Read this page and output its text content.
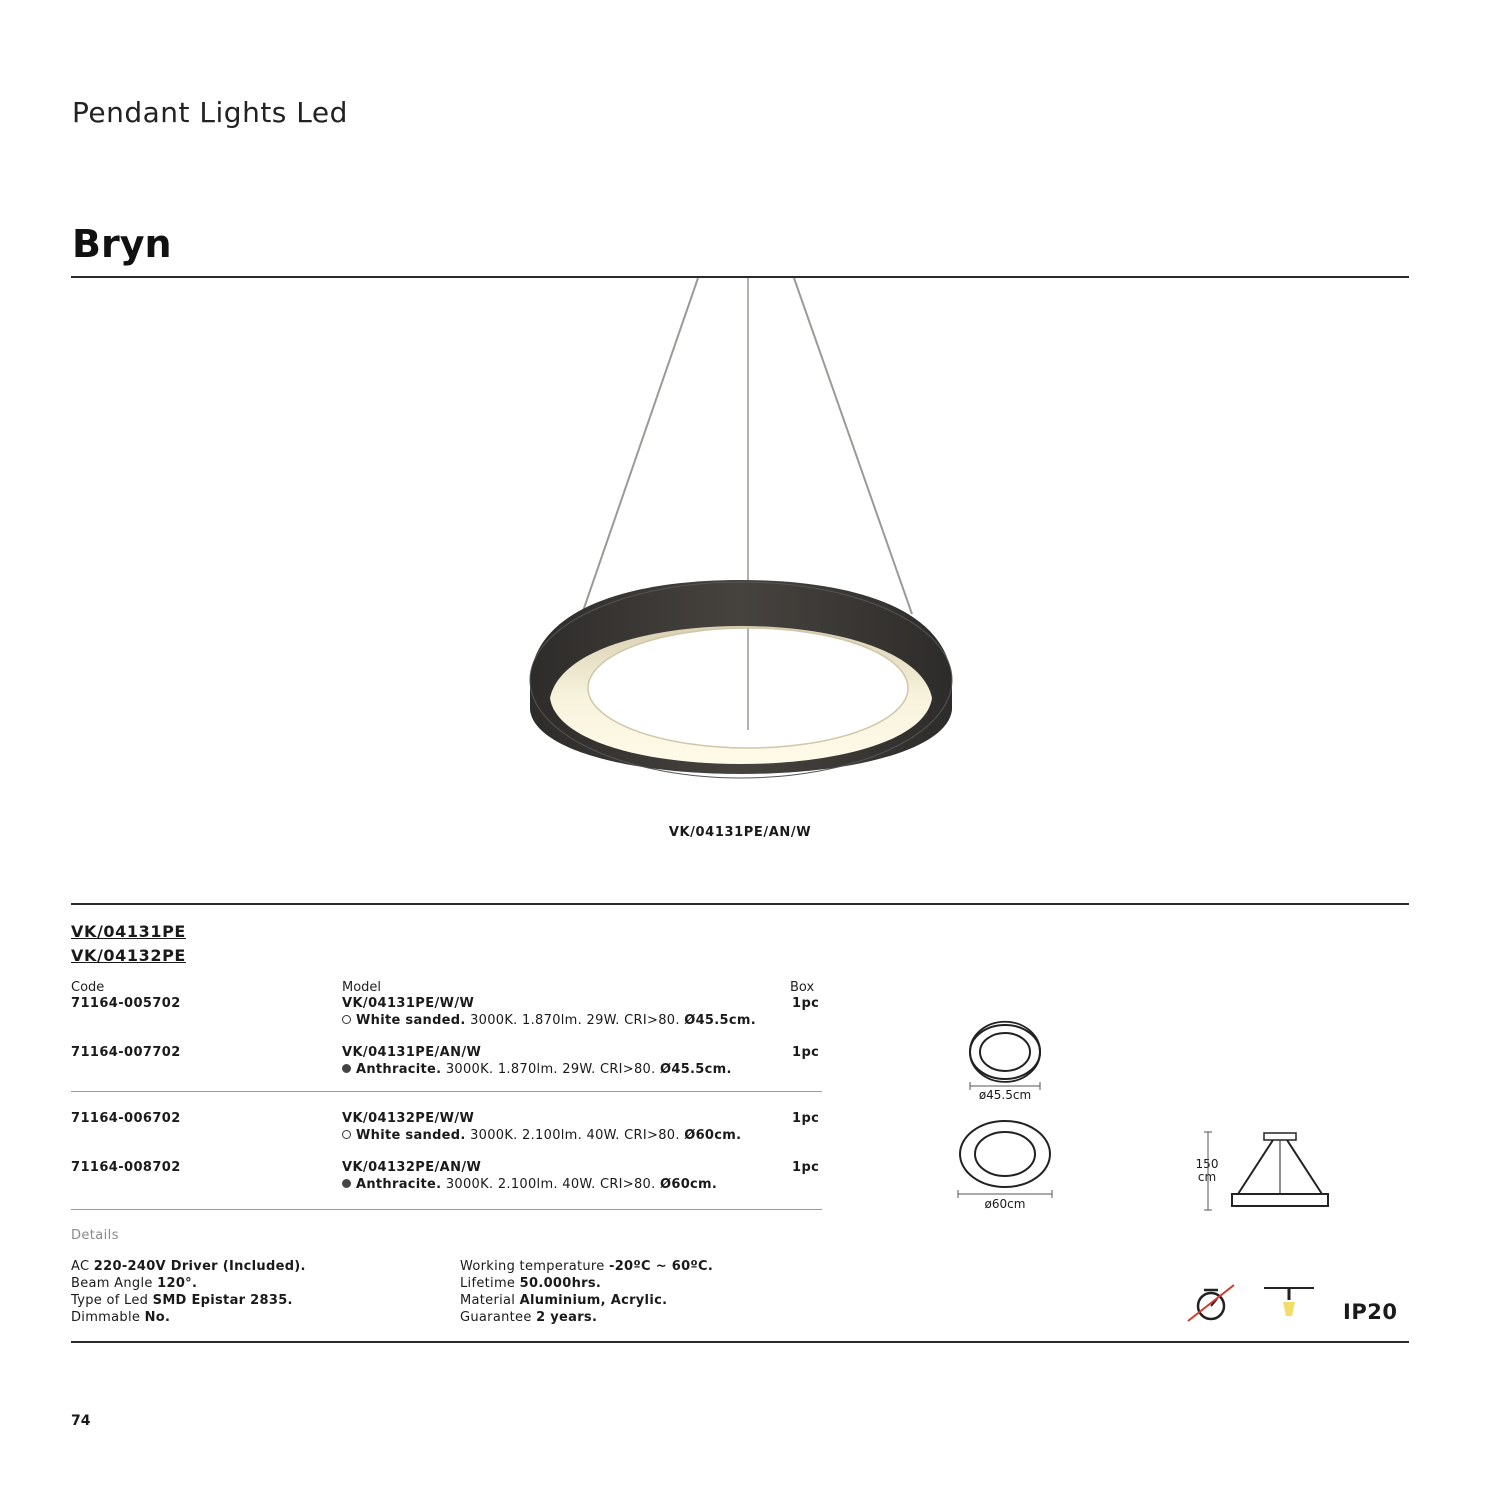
Pendant Lights Led
Bryn
VK/04131PE/AN/W
VK/04131PE
VK/04132PE
Code	Model	Box
71164-005702	VK/04131PE/W/W	1pc
White sanded. 3000K. 1.870lm. 29W. CRI>80. Ø45.5cm.
71164-007702	VK/04131PE/AN/W	1pc
Anthracite. 3000K. 1.870lm. 29W. CRI>80. Ø45.5cm.
71164-006702	VK/04132PE/W/W	1pc
White sanded. 3000K. 2.100lm. 40W. CRI>80. Ø60cm.
71164-008702	VK/04132PE/AN/W	1pc
Anthracite. 3000K. 2.100lm. 40W. CRI>80. Ø60cm.
ø45.5cm
ø60cm
150
cm
Details
AC 220-240V Driver (Included).
Beam Angle 120°.
Type of Led SMD Epistar 2835.
Dimmable No.
Working temperature -20ºC ~ 60ºC.
Lifetime 50.000hrs.
Material Aluminium, Acrylic.
Guarantee 2 years.	IP20
74
